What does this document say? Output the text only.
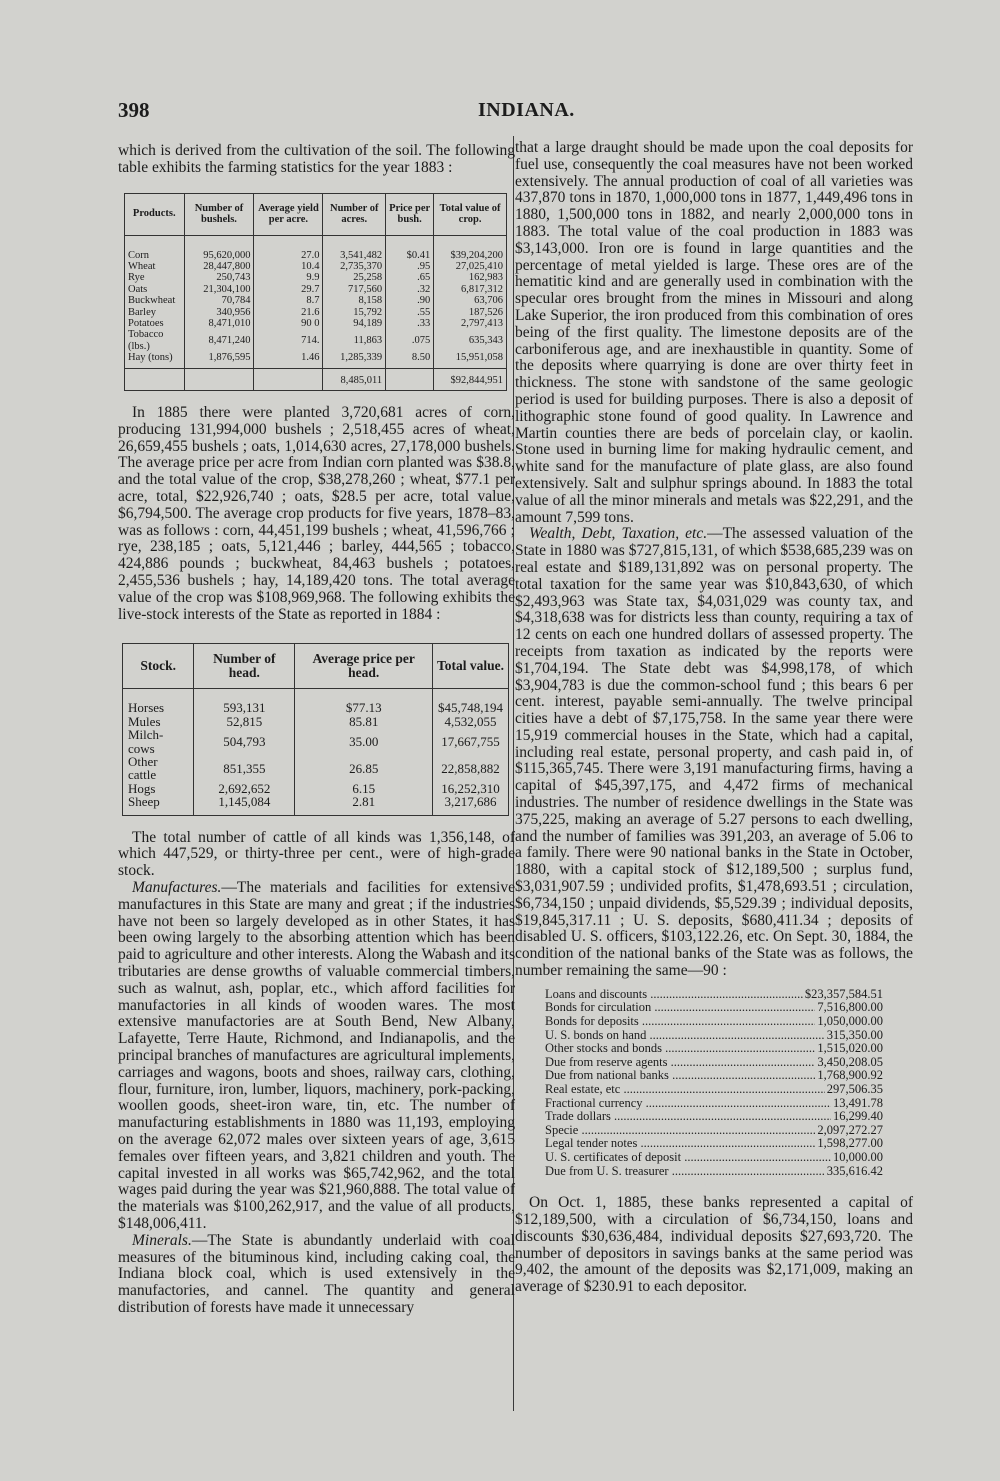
398	INDIANA.

which is derived from the cultivation of the soil. The following table exhibits the farming statistics for the year 1883 :

Products.	Number of bushels.	Average yield per acre.	Number of acres.	Price per bush.	Total value of crop.

Corn	95,620,000	27.0	3,541,482	$0.41	$39,204,200
Wheat	28,447,800	10.4	2,735,370	.95	27,025,410
Rye	250,743	9.9	25,258	.65	162,983
Oats	21,304,100	29.7	717,560	.32	6,817,312
Buckwheat	70,784	8.7	8,158	.90	63,706
Barley	340,956	21.6	15,792	.55	187,526
Potatoes	8,471,010	90 0	94,189	.33	2,797,413
Tobacco (lbs.)	8,471,240	714.	11,863	.075	635,343
Hay (tons)	1,876,595	1.46	1,285,339	8.50	15,951,058
			8,485,011		$92,844,951

In 1885 there were planted 3,720,681 acres of corn, producing 131,994,000 bushels ; 2,518,455 acres of wheat, 26,659,455 bushels ; oats, 1,014,630 acres, 27,178,000 bushels. The average price per acre from Indian corn planted was $38.8, and the total value of the crop, $38,278,260 ; wheat, $77.1 per acre, total, $22,926,740 ; oats, $28.5 per acre, total value, $6,794,500. The average crop products for five years, 1878–83, was as follows : corn, 44,451,199 bushels ; wheat, 41,596,766 ; rye, 238,185 ; oats, 5,121,446 ; barley, 444,565 ; tobacco, 424,886 pounds ; buckwheat, 84,463 bushels ; potatoes, 2,455,536 bushels ; hay, 14,189,420 tons. The total average value of the crop was $108,969,968. The following exhibits the live-stock interests of the State as reported in 1884 :

Stock.	Number of head.	Average price per head.	Total value.

Horses	593,131	$77.13	$45,748,194
Mules	52,815	85.81	4,532,055
Milch-cows	504,793	35.00	17,667,755
Other cattle	851,355	26.85	22,858,882
Hogs	2,692,652	6.15	16,252,310
Sheep	1,145,084	2.81	3,217,686

The total number of cattle of all kinds was 1,356,148, of which 447,529, or thirty-three per cent., were of high-grade stock.

Manufactures.—The materials and facilities for extensive manufactures in this State are many and great ; if the industries have not been so largely developed as in other States, it has been owing largely to the absorbing attention which has been paid to agriculture and other interests. Along the Wabash and its tributaries are dense growths of valuable commercial timbers, such as walnut, ash, poplar, etc., which afford facilities for manufactories in all kinds of wooden wares. The most extensive manufactories are at South Bend, New Albany, Lafayette, Terre Haute, Richmond, and Indianapolis, and the principal branches of manufactures are agricultural implements, carriages and wagons, boots and shoes, railway cars, clothing, flour, furniture, iron, lumber, liquors, machinery, pork-packing, woollen goods, sheet-iron ware, tin, etc. The number of manufacturing establishments in 1880 was 11,193, employing on the average 62,072 males over sixteen years of age, 3,615 females over fifteen years, and 3,821 children and youth. The capital invested in all works was $65,742,962, and the total wages paid during the year was $21,960,888. The total value of the materials was $100,262,917, and the value of all products, $148,006,411.

Minerals.—The State is abundantly underlaid with coal measures of the bituminous kind, including caking coal, the Indiana block coal, which is used extensively in the manufactories, and cannel. The quantity and general distribution of forests have made it unnecessary

that a large draught should be made upon the coal deposits for fuel use, consequently the coal measures have not been worked extensively. The annual production of coal of all varieties was 437,870 tons in 1870, 1,000,000 tons in 1877, 1,449,496 tons in 1880, 1,500,000 tons in 1882, and nearly 2,000,000 tons in 1883. The total value of the coal production in 1883 was $3,143,000. Iron ore is found in large quantities and the percentage of metal yielded is large. These ores are of the hematitic kind and are generally used in combination with the specular ores brought from the mines in Missouri and along Lake Superior, the iron produced from this combination of ores being of the first quality. The limestone deposits are of the carboniferous age, and are inexhaustible in quantity. Some of the deposits where quarrying is done are over thirty feet in thickness. The stone with sandstone of the same geologic period is used for building purposes. There is also a deposit of lithographic stone found of good quality. In Lawrence and Martin counties there are beds of porcelain clay, or kaolin. Stone used in burning lime for making hydraulic cement, and white sand for the manufacture of plate glass, are also found extensively. Salt and sulphur springs abound. In 1883 the total value of all the minor minerals and metals was $22,291, and the amount 7,599 tons.

Wealth, Debt, Taxation, etc.—The assessed valuation of the State in 1880 was $727,815,131, of which $538,685,239 was on real estate and $189,131,892 was on personal property. The total taxation for the same year was $10,843,630, of which $2,493,963 was State tax, $4,031,029 was county tax, and $4,318,638 was for districts less than county, requiring a tax of 12 cents on each one hundred dollars of assessed property. The receipts from taxation as indicated by the reports were $1,704,194. The State debt was $4,998,178, of which $3,904,783 is due the common-school fund ; this bears 6 per cent. interest, payable semi-annually. The twelve principal cities have a debt of $7,175,758. In the same year there were 15,919 commercial houses in the State, which had a capital, including real estate, personal property, and cash paid in, of $115,365,745. There were 3,191 manufacturing firms, having a capital of $45,397,175, and 4,472 firms of mechanical industries. The number of residence dwellings in the State was 375,225, making an average of 5.27 persons to each dwelling, and the number of families was 391,203, an average of 5.06 to a family. There were 90 national banks in the State in October, 1880, with a capital stock of $12,189,500 ; surplus fund, $3,031,907.59 ; undivided profits, $1,478,693.51 ; circulation, $6,734,150 ; unpaid dividends, $5,529.39 ; individual deposits, $19,845,317.11 ; U. S. deposits, $680,411.34 ; deposits of disabled U. S. officers, $103,122.26, etc. On Sept. 30, 1884, the condition of the national banks of the State was as follows, the number remaining the same—90 :

Loans and discounts .....	$23,357,584.51
Bonds for circulation .....	7,516,800.00
Bonds for deposits .....	1,050,000.00
U. S. bonds on hand .....	315,350.00
Other stocks and bonds .....	1,515,020.00
Due from reserve agents .....	3,450,208.05
Due from national banks .....	1,768,900.92
Real estate, etc .....	297,506.35
Fractional currency .....	13,491.78
Trade dollars .....	16,299.40
Specie .....	2,097,272.27
Legal tender notes .....	1,598,277.00
U. S. certificates of deposit .....	10,000.00
Due from U. S. treasurer .....	335,616.42

On Oct. 1, 1885, these banks represented a capital of $12,189,500, with a circulation of $6,734,150, loans and discounts $30,636,484, individual deposits $27,693,720. The number of depositors in savings banks at the same period was 9,402, the amount of the deposits was $2,171,009, making an average of $230.91 to each depositor.
